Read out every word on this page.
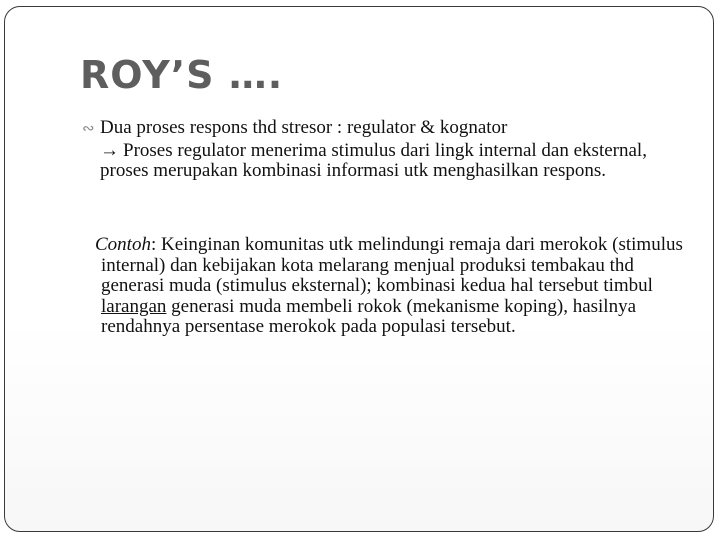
ROY’S ….
∾ Dua proses respons thd stresor : regulator & kognator
→ Proses regulator menerima stimulus dari lingk internal dan eksternal, proses merupakan kombinasi informasi utk menghasilkan respons.
Contoh: Keinginan komunitas utk melindungi remaja dari merokok (stimulus internal) dan kebijakan kota melarang menjual produksi tembakau thd generasi muda (stimulus eksternal); kombinasi kedua hal tersebut timbul larangan generasi muda membeli rokok (mekanisme koping), hasilnya rendahnya persentase merokok pada populasi tersebut.
